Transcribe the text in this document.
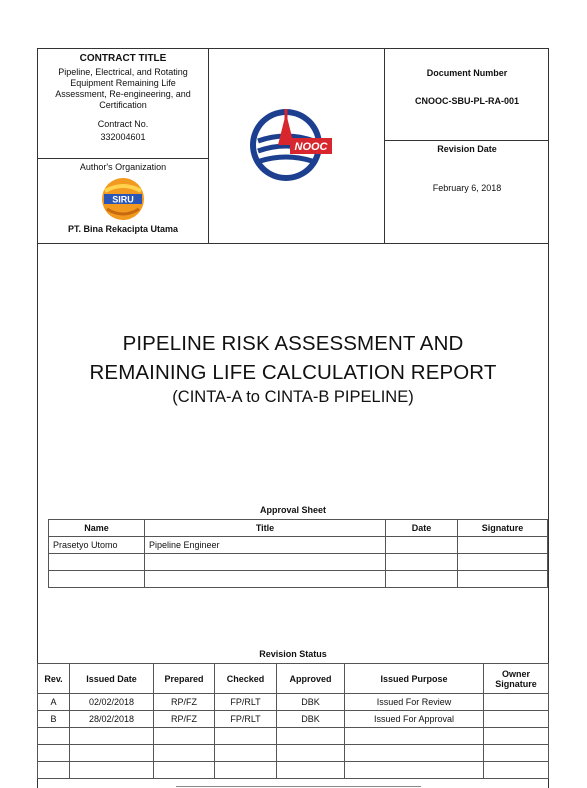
CONTRACT TITLE
Pipeline, Electrical, and Rotating
Equipment Remaining Life
Assessment, Re-engineering, and
Certification
Contract No.
332004601
Author's Organization
SIRU
PT. Bina Rekacipta Utama
NOOC
Document Number
CNOOC-SBU-PL-RA-001
Revision Date
February 6, 2018
PIPELINE RISK ASSESSMENT AND
REMAINING LIFE CALCULATION REPORT
(CINTA-A to CINTA-B PIPELINE)
Approval Sheet
Name	Title	Date	Signature
Prasetyo Utomo	Pipeline Engineer		

Revision Status
Rev.	Issued Date	Prepared	Checked	Approved	Issued Purpose	Owner Signature
A	02/02/2018	RP/FZ	FP/RLT	DBK	Issued For Review	
B	28/02/2018	RP/FZ	FP/RLT	DBK	Issued For Approval	
